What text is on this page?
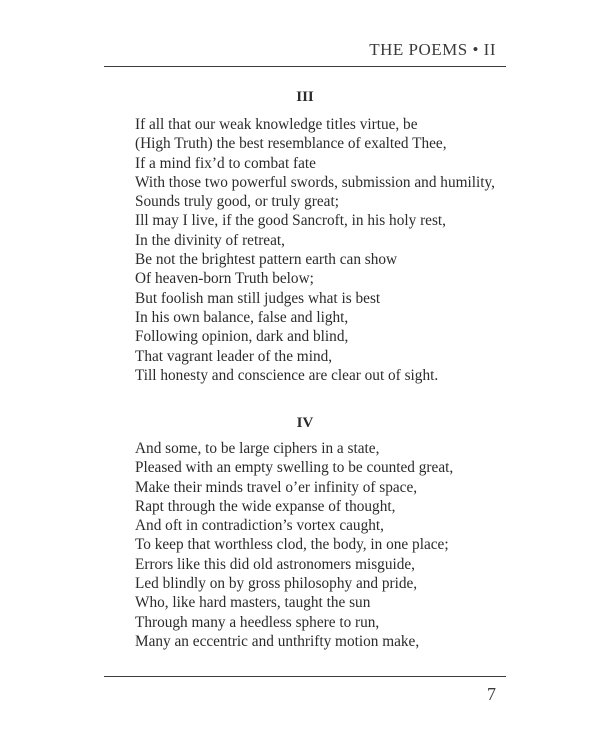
THE POEMS • II
III
If all that our weak knowledge titles virtue, be
(High Truth) the best resemblance of exalted Thee,
If a mind fix’d to combat fate
With those two powerful swords, submission and humility,
Sounds truly good, or truly great;
Ill may I live, if the good Sancroft, in his holy rest,
In the divinity of retreat,
Be not the brightest pattern earth can show
Of heaven-born Truth below;
But foolish man still judges what is best
In his own balance, false and light,
Following opinion, dark and blind,
That vagrant leader of the mind,
Till honesty and conscience are clear out of sight.
IV
And some, to be large ciphers in a state,
Pleased with an empty swelling to be counted great,
Make their minds travel o’er infinity of space,
Rapt through the wide expanse of thought,
And oft in contradiction’s vortex caught,
To keep that worthless clod, the body, in one place;
Errors like this did old astronomers misguide,
Led blindly on by gross philosophy and pride,
Who, like hard masters, taught the sun
Through many a heedless sphere to run,
Many an eccentric and unthrifty motion make,
7
